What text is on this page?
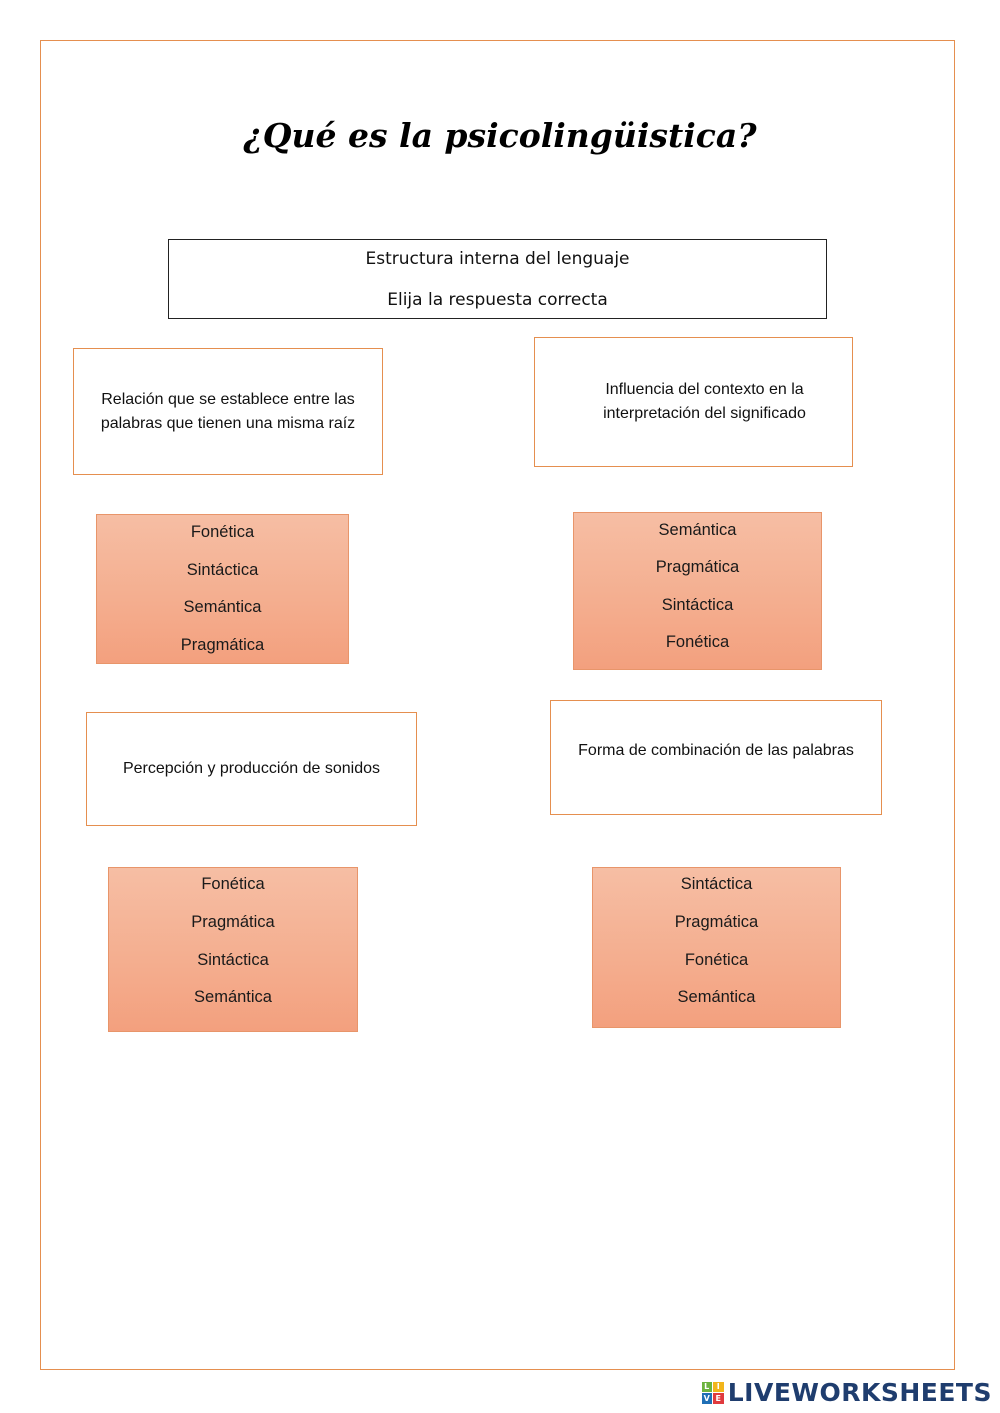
¿Qué es la psicolingüistica?
Estructura interna del lenguaje
Elija la respuesta correcta
Relación que se establece entre las palabras que tienen una misma raíz
Fonética
Sintáctica
Semántica
Pragmática
Influencia del contexto en la interpretación del significado
Semántica
Pragmática
Sintáctica
Fonética
Percepción y producción de sonidos
Fonética
Pragmática
Sintáctica
Semántica
Forma de combinación de las palabras
Sintáctica
Pragmática
Fonética
Semántica
L I
V E LIVEWORKSHEETS
